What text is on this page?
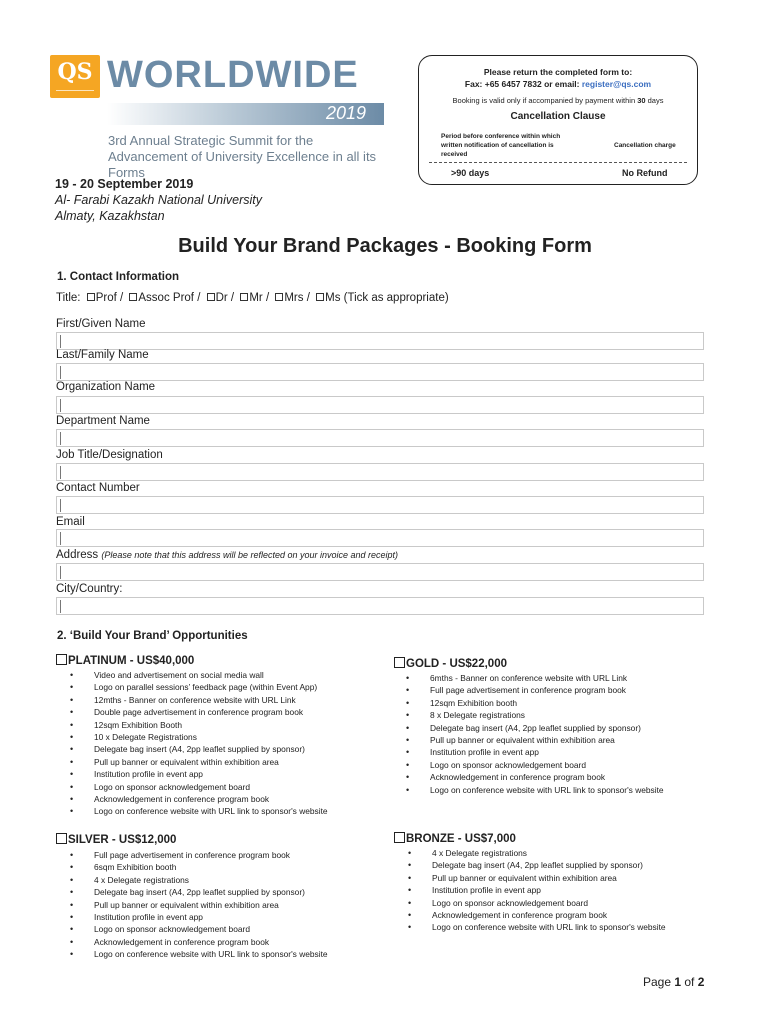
QS WORLDWIDE
2019
3rd Annual Strategic Summit for the Advancement of University Excellence in all its Forms
Please return the completed form to:
Fax: +65 6457 7832 or email: register@qs.com
Booking is valid only if accompanied by payment within 30 days
Cancellation Clause
Period before conference within which written notification of cancellation is received
Cancellation charge
>90 days	No Refund
19 - 20 September 2019
Al- Farabi Kazakh National University
Almaty, Kazakhstan
Build Your Brand Packages - Booking Form
1. Contact Information
Title: Prof / Assoc Prof / Dr / Mr / Mrs / Ms (Tick as appropriate)
First/Given Name
Last/Family Name
Organization Name
Department Name
Job Title/Designation
Contact Number
Email
Address (Please note that this address will be reflected on your invoice and receipt)
City/Country:
2. ‘Build Your Brand’ Opportunities
PLATINUM - US$40,000
• Video and advertisement on social media wall
• Logo on parallel sessions’ feedback page (within Event App)
• 12mths - Banner on conference website with URL Link
• Double page advertisement in conference program book
• 12sqm Exhibition Booth
• 10 x Delegate Registrations
• Delegate bag insert (A4, 2pp leaflet supplied by sponsor)
• Pull up banner or equivalent within exhibition area
• Institution profile in event app
• Logo on sponsor acknowledgement board
• Acknowledgement in conference program book
• Logo on conference website with URL link to sponsor's website
GOLD - US$22,000
• 6mths - Banner on conference website with URL Link
• Full page advertisement in conference program book
• 12sqm Exhibition booth
• 8 x Delegate registrations
• Delegate bag insert (A4, 2pp leaflet supplied by sponsor)
• Pull up banner or equivalent within exhibition area
• Institution profile in event app
• Logo on sponsor acknowledgement board
• Acknowledgement in conference program book
• Logo on conference website with URL link to sponsor's website
SILVER - US$12,000
• Full page advertisement in conference program book
• 6sqm Exhibition booth
• 4 x Delegate registrations
• Delegate bag insert (A4, 2pp leaflet supplied by sponsor)
• Pull up banner or equivalent within exhibition area
• Institution profile in event app
• Logo on sponsor acknowledgement board
• Acknowledgement in conference program book
• Logo on conference website with URL link to sponsor's website
BRONZE - US$7,000
• 4 x Delegate registrations
• Delegate bag insert (A4, 2pp leaflet supplied by sponsor)
• Pull up banner or equivalent within exhibition area
• Institution profile in event app
• Logo on sponsor acknowledgement board
• Acknowledgement in conference program book
• Logo on conference website with URL link to sponsor's website
Page 1 of 2
